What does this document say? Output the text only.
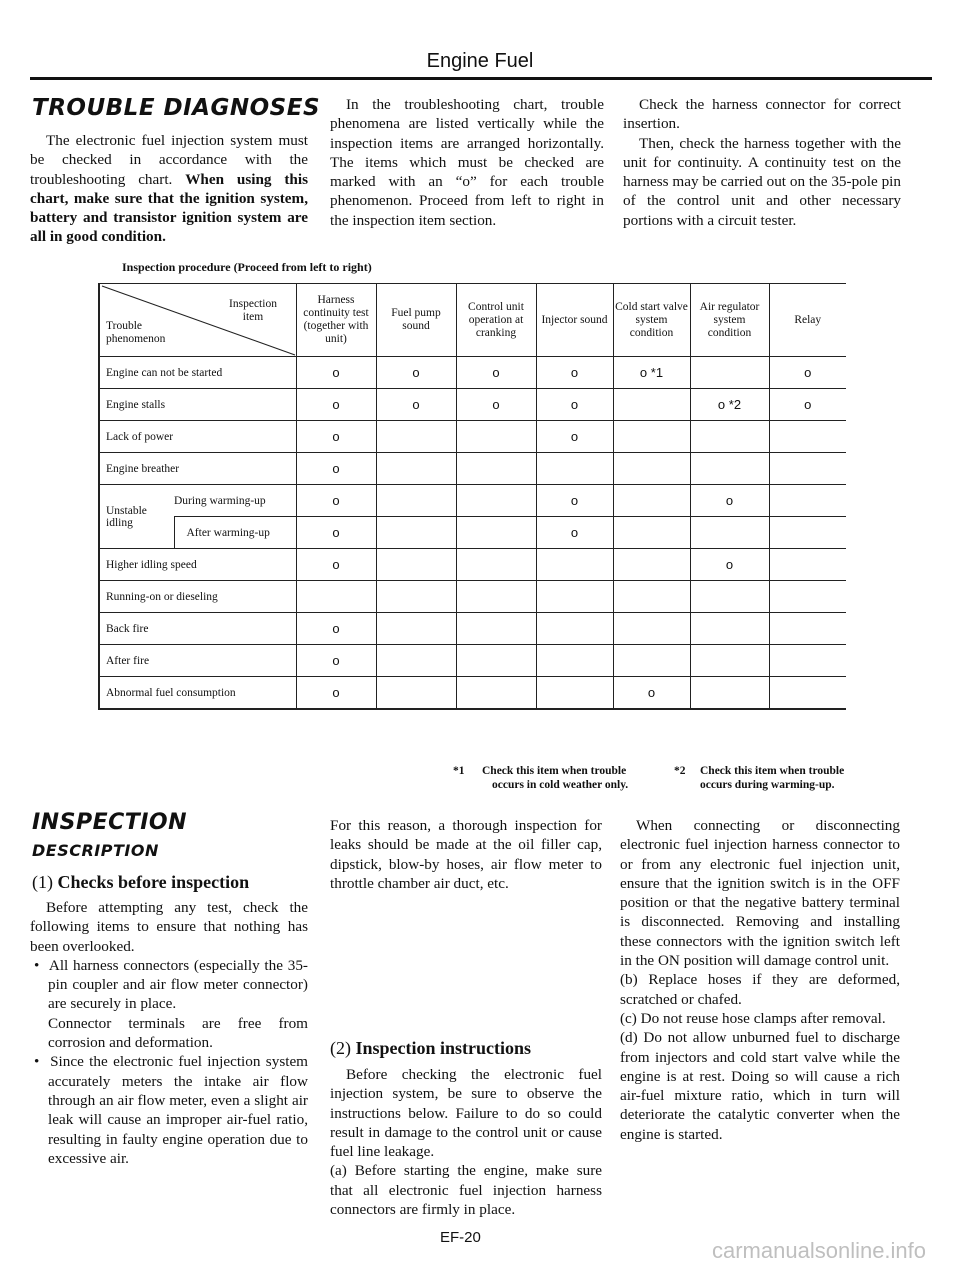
Engine Fuel
TROUBLE DIAGNOSES

The electronic fuel injection system must be checked in accordance with the troubleshooting chart. When using this chart, make sure that the ignition system, battery and transistor ignition system are all in good condition.

In the troubleshooting chart, trouble phenomena are listed vertically while the inspection items are arranged horizontally. The items which must be checked are marked with an “o” for each trouble phenomenon. Proceed from left to right in the inspection item section.

Check the harness connector for correct insertion.

Then, check the harness together with the unit for continuity. A continuity test on the harness may be carried out on the 35-pole pin of the control unit and other necessary portions with a circuit tester.

Inspection procedure (Proceed from left to right)
Inspection item
Trouble phenomenon		Harness continuity test (together with unit)	Fuel pump sound	Control unit operation at cranking	Injector sound	Cold start valve system condition	Air regulator system condition	Relay
Engine can not be started		o	o	o	o	o *1		o
Engine stalls		o	o	o	o		o *2	o
Lack of power		o			o			
Engine breather		o						
Unstable idling	During warming-up	o			o		o	
	After warming-up	o			o			
Higher idling speed		o					o	
Running-on or dieseling								
Back fire		o						
After fire		o						
Abnormal fuel consumption		o				o		
*1 Check this item when trouble
occurs in cold weather only.
*2 Check this item when trouble
occurs during warming-up.
INSPECTION
DESCRIPTION
(1) Checks before inspection

Before attempting any test, check the following items to ensure that nothing has been overlooked.

•  All harness connectors (especially the 35-pin coupler and air flow meter connector) are securely in place.

Connector terminals are free from corrosion and deformation.

•  Since the electronic fuel injection system accurately meters the intake air flow through an air flow meter, even a slight air leak will cause an improper air-fuel ratio, resulting in faulty engine operation due to excessive air.

For this reason, a thorough inspection for leaks should be made at the oil filler cap, dipstick, blow-by hoses, air flow meter to throttle chamber air duct, etc.

(2) Inspection instructions

Before checking the electronic fuel injection system, be sure to observe the instructions below. Failure to do so could result in damage to the control unit or cause fuel line leakage.

(a) Before starting the engine, make sure that all electronic fuel injection harness connectors are firmly in place.

When connecting or disconnecting electronic fuel injection harness connector to or from any electronic fuel injection unit, ensure that the ignition switch is in the OFF position or that the negative battery terminal is disconnected. Removing and installing these connectors with the ignition switch left in the ON position will damage control unit.

(b) Replace hoses if they are deformed, scratched or chafed.

(c) Do not reuse hose clamps after removal.

(d) Do not allow unburned fuel to discharge from injectors and cold start valve while the engine is at rest. Doing so will cause a rich air-fuel mixture ratio, which in turn will deteriorate the catalytic converter when the engine is started.

EF-20
carmanualsonline.info
